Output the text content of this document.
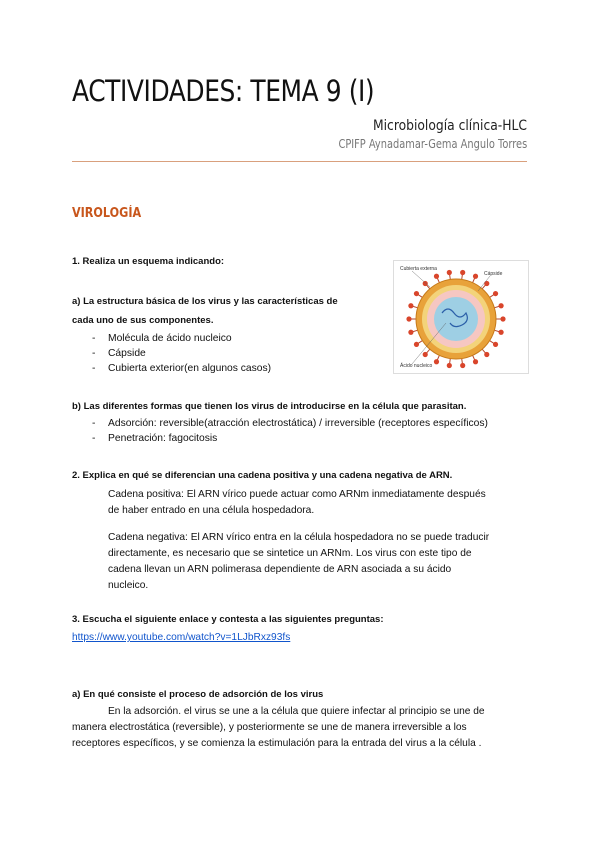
ACTIVIDADES: TEMA 9 (I)

Microbiología clínica-HLC

CPIFP Aynadamar-Gema Angulo Torres

VIROLOGÍA

1. Realiza un esquema indicando:

a) La estructura básica de los virus y las características de

cada uno de sus componentes.

- Molécula de ácido nucleico
- Cápside
- Cubierta exterior(en algunos casos)
Cubierta externa
Cápside
Ácido nucleico

b) Las diferentes formas que tienen los virus de introducirse en la célula que parasitan.

- Adsorción: reversible(atracción electrostática) / irreversible (receptores específicos)
- Penetración: fagocitosis

2. Explica en qué se diferencian una cadena positiva y una cadena negativa de ARN.

Cadena positiva: El ARN vírico puede actuar como ARNm inmediatamente después

de haber entrado en una célula hospedadora.

Cadena negativa: El ARN vírico entra en la célula hospedadora no se puede traducir

directamente, es necesario que se sintetice un ARNm. Los virus con este tipo de

cadena llevan un ARN polimerasa dependiente de ARN asociada a su ácido

nucleico.

3. Escucha el siguiente enlace y contesta a las siguientes preguntas:

https://www.youtube.com/watch?v=1LJbRxz93fs

a) En qué consiste el proceso de adsorción de los virus

En la adsorción. el virus se une a la célula que quiere infectar al principio se une de

manera electrostática (reversible), y posteriormente se une de manera irreversible a los

receptores específicos, y se comienza la estimulación para la entrada del virus a la célula .
